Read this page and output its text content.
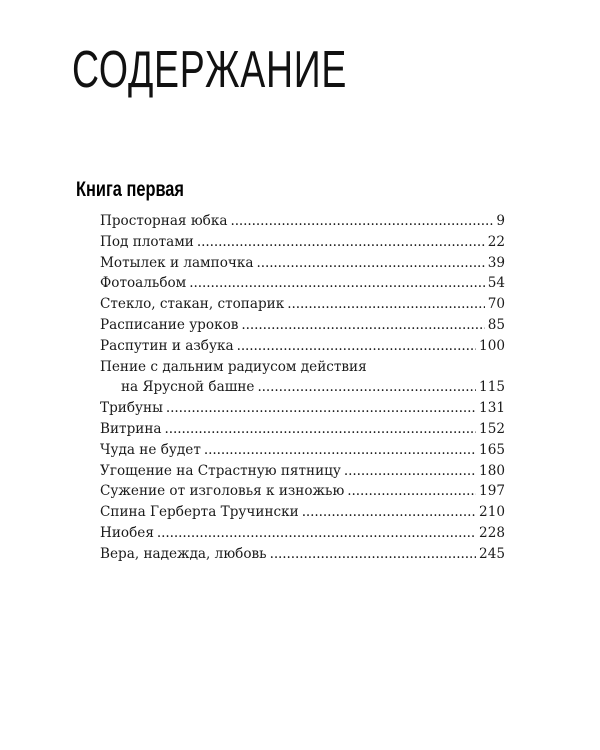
СОДЕРЖАНИЕ
Книга первая
Просторная юбка . . .	9
Под плотами . . .	22
Мотылек и лампочка . . .	39
Фотоальбом . . .	54
Стекло, стакан, стопарик . . .	70
Расписание уроков . . .	85
Распутин и азбука . . .	100
Пение с дальним радиусом действия
на Ярусной башне . . .	115
Трибуны . . .	131
Витрина . . .	152
Чуда не будет . . .	165
Угощение на Страстную пятницу . . .	180
Сужение от изголовья к изножью . . .	197
Спина Герберта Тручински . . .	210
Ниобея . . .	228
Вера, надежда, любовь . . .	245
